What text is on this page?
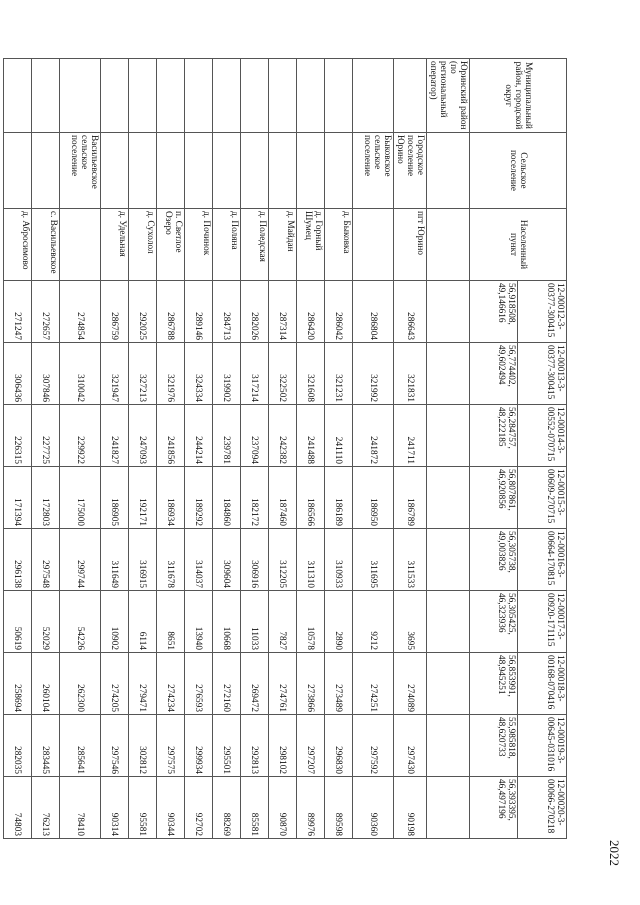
2022
Муниципальный район, городской округ	Сельское поселение	Населенный пункт	12-00012-3-00377-300415	12-00013-3-00377-300415	12-00014-3-00552-070715	12-00015-3-00609-270715	12-00016-3-00664-170815	12-00017-3-00920-171115	12-00018-3-00168-070416	12-00019-3-00645-031016	12-00020-3-00066-270218
			56,918508, 49,146616	56,774402, 49,602494	56,284757, 48,222185	56,807861, 46,920856	56,305738, 49,003826	56,305425, 46,323936	56,853991, 48,945251	55,985818, 48,620733	56,393395, 46,497196
Юринский район (по региональный оператор)											
	Городское поселение Юрино	пгт Юрино	286643	321831	241711	186789	311533	3695	274089	297430	90198
	Быковское сельское поселение		286804	321992	241872	186950	311695	9212	274251	297592	90360
		д. Быковка	286042	321231	241110	186189	310933	2890	273489	296830	89598
		д. Горный Шумец	286420	321608	241488	186566	311310	10578	273866	297207	89976
		д. Майдан	287314	322502	242382	187460	312205	7827	274761	298102	90870
		д. Поледская	282026	317214	237094	182172	306916	11033	269472	292813	85581
		д. Полянa	284713	319902	239781	184860	309604	10668	272160	295501	88269
		д. Починок	289146	324334	244214	189292	314037	13940	276593	299934	92702
		п. Светлое Озеро	286788	321976	241856	186934	311678	8651	274234	297575	90344
		д. Сухолол	292025	327213	247093	192171	316915	6114	279471	302812	95581
		д. Удельная	286759	321947	241827	186905	311649	10902	274205	297546	90314
	Васильевское сельское поселение		274854	310042	229922	175000	299744	54226	262300	285641	78410
		с. Васильевское	272657	307846	227725	172803	297548	52029	260104	283445	76213
		д. Абросимово	271247	306436	226315	171394	296138	50619	258694	282035	74803
